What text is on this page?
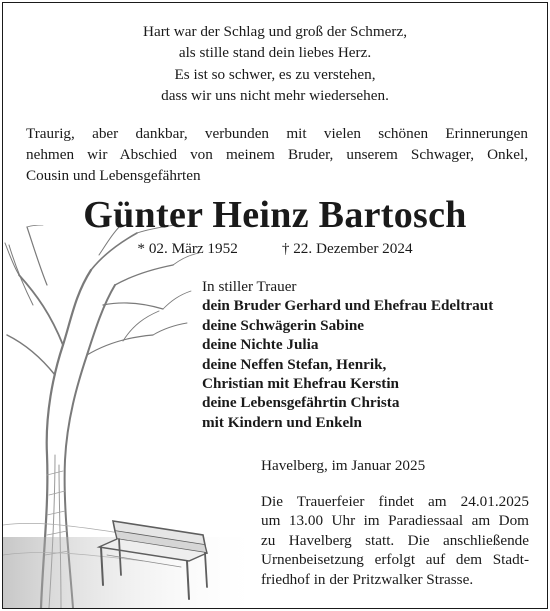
Hart war der Schlag und groß der Schmerz,
als stille stand dein liebes Herz.
Es ist so schwer, es zu verstehen,
dass wir uns nicht mehr wiedersehen.
Traurig, aber dankbar, verbunden mit vielen schönen Erinnerungen
nehmen wir Abschied von meinem Bruder, unserem Schwager, Onkel,
Cousin und Lebensgefährten
Günter Heinz Bartosch
* 02. März 1952	† 22. Dezember 2024
In stiller Trauer
dein Bruder Gerhard und Ehefrau Edeltraut
deine Schwägerin Sabine
deine Nichte Julia
deine Neffen Stefan, Henrik,
Christian mit Ehefrau Kerstin
deine Lebensgefährtin Christa
mit Kindern und Enkeln
Havelberg, im Januar 2025
Die Trauerfeier findet am 24.01.2025
um 13.00 Uhr im Paradiessaal am Dom
zu Havelberg statt. Die anschließende
Urnenbeisetzung erfolgt auf dem Stadt-
friedhof in der Pritzwalker Strasse.
